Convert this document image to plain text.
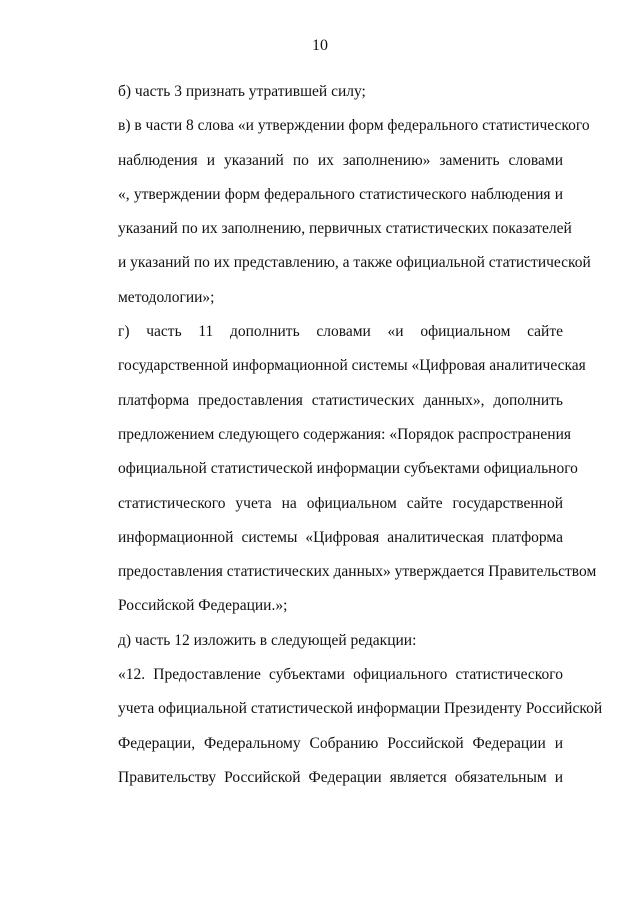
10

б) часть 3 признать утратившей силу;

в) в части 8 слова «и утверждении форм федерального статистического
наблюдения и указаний по их заполнению» заменить словами
«, утверждении форм федерального статистического наблюдения и
указаний по их заполнению, первичных статистических показателей
и указаний по их представлению, а также официальной статистической
методологии»;

г) часть 11 дополнить словами «и официальном сайте
государственной информационной системы «Цифровая аналитическая
платформа предоставления статистических данных», дополнить
предложением следующего содержания: «Порядок распространения
официальной статистической информации субъектами официального
статистического учета на официальном сайте государственной
информационной системы «Цифровая аналитическая платформа
предоставления статистических данных» утверждается Правительством
Российской Федерации.»;

д) часть 12 изложить в следующей редакции:

«12. Предоставление субъектами официального статистического
учета официальной статистической информации Президенту Российской
Федерации, Федеральному Собранию Российской Федерации и
Правительству Российской Федерации является обязательным и
